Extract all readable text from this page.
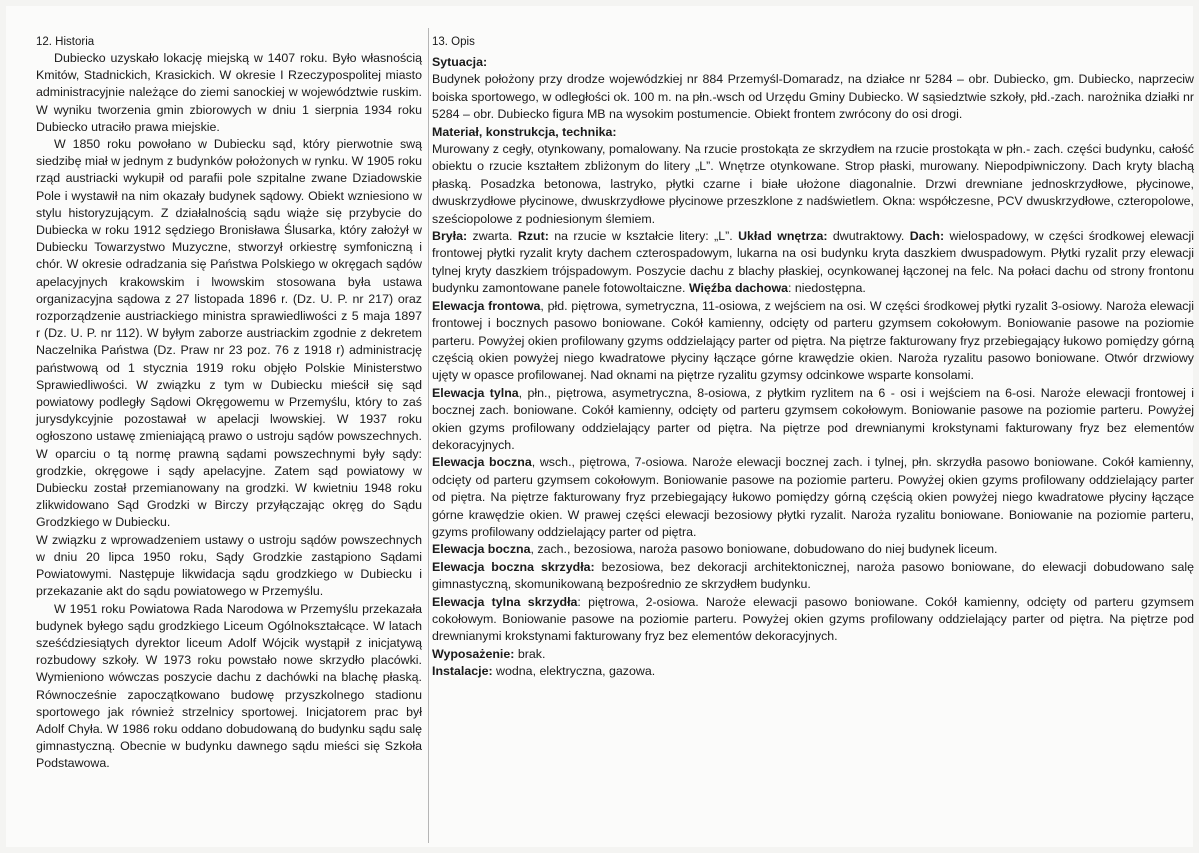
12. Historia

Dubiecko uzyskało lokację miejską w 1407 roku. Było własnością Kmitów, Stadnickich, Krasickich. W okresie I Rzeczypospolitej miasto administracyjnie należące do ziemi sanockiej w województwie ruskim. W wyniku tworzenia gmin zbiorowych w dniu 1 sierpnia 1934 roku Dubiecko utraciło prawa miejskie.

W 1850 roku powołano w Dubiecku sąd, który pierwotnie swą siedzibę miał w jednym z budynków położonych w rynku. W 1905 roku rząd austriacki wykupił od parafii pole szpitalne zwane Dziadowskie Pole i wystawił na nim okazały budynek sądowy. Obiekt wzniesiono w stylu historyzującym. Z działalnością sądu wiąże się przybycie do Dubiecka w roku 1912 sędziego Bronisława Ślusarka, który założył w Dubiecku Towarzystwo Muzyczne, stworzył orkiestrę symfoniczną i chór. W okresie odradzania się Państwa Polskiego w okręgach sądów apelacyjnych krakowskim i lwowskim stosowana była ustawa organizacyjna sądowa z 27 listopada 1896 r. (Dz. U. P. nr 217) oraz rozporządzenie austriackiego ministra sprawiedliwości z 5 maja 1897 r (Dz. U. P. nr 112). W byłym zaborze austriackim zgodnie z dekretem Naczelnika Państwa (Dz. Praw nr 23 poz. 76 z 1918 r) administrację państwową od 1 stycznia 1919 roku objęło Polskie Ministerstwo Sprawiedliwości. W związku z tym w Dubiecku mieścił się sąd powiatowy podległy Sądowi Okręgowemu w Przemyślu, który to zaś jurysdykcyjnie pozostawał w apelacji lwowskiej. W 1937 roku ogłoszono ustawę zmieniającą prawo o ustroju sądów powszechnych. W oparciu o tą normę prawną sądami powszechnymi były sądy: grodzkie, okręgowe i sądy apelacyjne. Zatem sąd powiatowy w Dubiecku został przemianowany na grodzki. W kwietniu 1948 roku zlikwidowano Sąd Grodzki w Birczy przyłączając okręg do Sądu Grodzkiego w Dubiecku.

W związku z wprowadzeniem ustawy o ustroju sądów powszechnych w dniu 20 lipca 1950 roku, Sądy Grodzkie zastąpiono Sądami Powiatowymi. Następuje likwidacja sądu grodzkiego w Dubiecku i przekazanie akt do sądu powiatowego w Przemyślu.

W 1951 roku Powiatowa Rada Narodowa w Przemyślu przekazała budynek byłego sądu grodzkiego Liceum Ogólnokształcące. W latach sześćdziesiątych dyrektor liceum Adolf Wójcik wystąpił z inicjatywą rozbudowy szkoły. W 1973 roku powstało nowe skrzydło placówki. Wymieniono wówczas poszycie dachu z dachówki na blachę płaską. Równocześnie zapoczątkowano budowę przyszkolnego stadionu sportowego jak również strzelnicy sportowej. Inicjatorem prac był Adolf Chyła. W 1986 roku oddano dobudowaną do budynku sądu salę gimnastyczną. Obecnie w budynku dawnego sądu mieści się Szkoła Podstawowa.

13. Opis

Sytuacja:

Budynek położony przy drodze wojewódzkiej nr 884 Przemyśl-Domaradz, na działce nr 5284 – obr. Dubiecko, gm. Dubiecko, naprzeciw boiska sportowego, w odległości ok. 100 m. na płn.-wsch od Urzędu Gminy Dubiecko. W sąsiedztwie szkoły, płd.-zach. narożnika działki nr 5284 – obr. Dubiecko figura MB na wysokim postumencie. Obiekt frontem zwrócony do osi drogi.

Materiał, konstrukcja, technika:

Murowany z cegły, otynkowany, pomalowany. Na rzucie prostokąta ze skrzydłem na rzucie prostokąta w płn.- zach. części budynku, całość obiektu o rzucie kształtem zbliżonym do litery „L”. Wnętrze otynkowane. Strop płaski, murowany. Niepodpiwniczony. Dach kryty blachą płaską. Posadzka betonowa, lastryko, płytki czarne i białe ułożone diagonalnie. Drzwi drewniane jednoskrzydłowe, płycinowe, dwuskrzydłowe płycinowe, dwuskrzydłowe płycinowe przeszklone z nadświetlem. Okna: współczesne, PCV dwuskrzydłowe, czteropolowe, sześciopolowe z podniesionym ślemiem.

Bryła: zwarta. Rzut: na rzucie w kształcie litery: „L”. Układ wnętrza: dwutraktowy. Dach: wielospadowy, w części środkowej elewacji frontowej płytki ryzalit kryty dachem czterospadowym, lukarna na osi budynku kryta daszkiem dwuspadowym. Płytki ryzalit przy elewacji tylnej kryty daszkiem trójspadowym. Poszycie dachu z blachy płaskiej, ocynkowanej łączonej na felc. Na połaci dachu od strony frontonu budynku zamontowane panele fotowoltaiczne. Więźba dachowa: niedostępna.

Elewacja frontowa, płd. piętrowa, symetryczna, 11-osiowa, z wejściem na osi. W części środkowej płytki ryzalit 3-osiowy. Naroża elewacji frontowej i bocznych pasowo boniowane. Cokół kamienny, odcięty od parteru gzymsem cokołowym. Boniowanie pasowe na poziomie parteru. Powyżej okien profilowany gzyms oddzielający parter od piętra. Na piętrze fakturowany fryz przebiegający łukowo pomiędzy górną częścią okien powyżej niego kwadratowe płyciny łączące górne krawędzie okien. Naroża ryzalitu pasowo boniowane. Otwór drzwiowy ujęty w opasce profilowanej. Nad oknami na piętrze ryzalitu gzymsy odcinkowe wsparte konsolami.

Elewacja tylna, płn., piętrowa, asymetryczna, 8-osiowa, z płytkim ryzlitem na 6 - osi i wejściem na 6-osi. Naroże elewacji frontowej i bocznej zach. boniowane. Cokół kamienny, odcięty od parteru gzymsem cokołowym. Boniowanie pasowe na poziomie parteru. Powyżej okien gzyms profilowany oddzielający parter od piętra. Na piętrze pod drewnianymi krokstynami fakturowany fryz bez elementów dekoracyjnych.

Elewacja boczna, wsch., piętrowa, 7-osiowa. Naroże elewacji bocznej zach. i tylnej, płn. skrzydła pasowo boniowane. Cokół kamienny, odcięty od parteru gzymsem cokołowym. Boniowanie pasowe na poziomie parteru. Powyżej okien gzyms profilowany oddzielający parter od piętra. Na piętrze fakturowany fryz przebiegający łukowo pomiędzy górną częścią okien powyżej niego kwadratowe płyciny łączące górne krawędzie okien. W prawej części elewacji bezosiowy płytki ryzalit. Naroża ryzalitu boniowane. Boniowanie na poziomie parteru, gzyms profilowany oddzielający parter od piętra.

Elewacja boczna, zach., bezosiowa, naroża pasowo boniowane, dobudowano do niej budynek liceum.

Elewacja boczna skrzydła: bezosiowa, bez dekoracji architektonicznej, naroża pasowo boniowane, do elewacji dobudowano salę gimnastyczną, skomunikowaną bezpośrednio ze skrzydłem budynku.

Elewacja tylna skrzydła: piętrowa, 2-osiowa. Naroże elewacji pasowo boniowane. Cokół kamienny, odcięty od parteru gzymsem cokołowym. Boniowanie pasowe na poziomie parteru. Powyżej okien gzyms profilowany oddzielający parter od piętra. Na piętrze pod drewnianymi krokstynami fakturowany fryz bez elementów dekoracyjnych.

Wyposażenie: brak.

Instalacje: wodna, elektryczna, gazowa.
